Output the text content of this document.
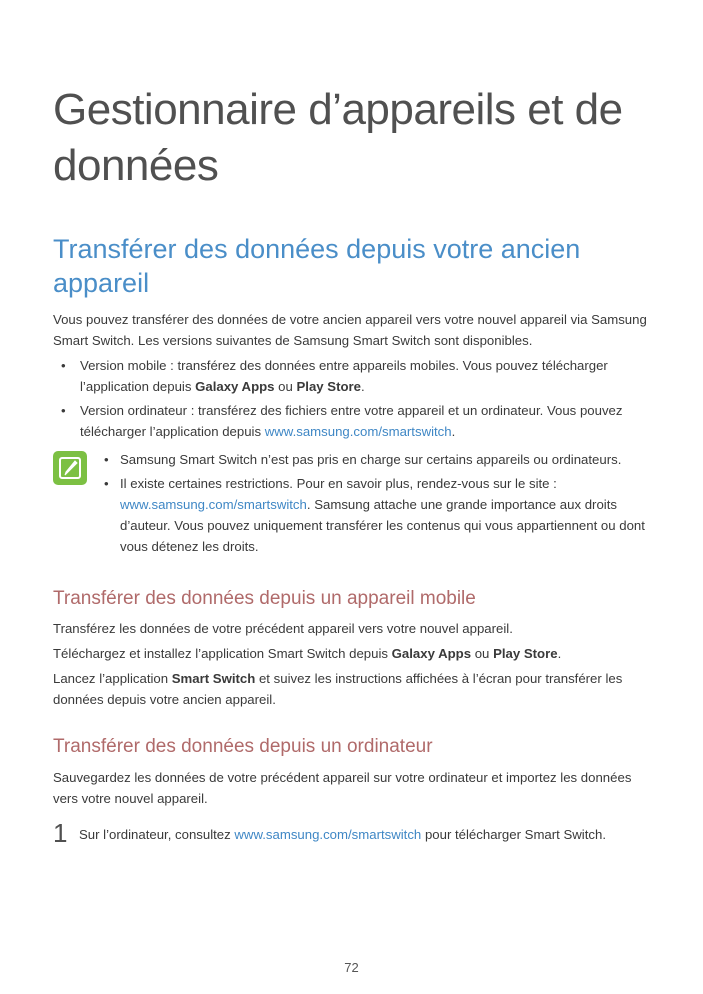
Gestionnaire d’appareils et de données
Transférer des données depuis votre ancien appareil

Vous pouvez transférer des données de votre ancien appareil vers votre nouvel appareil via Samsung Smart Switch. Les versions suivantes de Samsung Smart Switch sont disponibles.

• Version mobile : transférez des données entre appareils mobiles. Vous pouvez télécharger l’application depuis Galaxy Apps ou Play Store.
• Version ordinateur : transférez des fichiers entre votre appareil et un ordinateur. Vous pouvez télécharger l’application depuis www.samsung.com/smartswitch.
• Samsung Smart Switch n’est pas pris en charge sur certains appareils ou ordinateurs.
• Il existe certaines restrictions. Pour en savoir plus, rendez-vous sur le site : www.samsung.com/smartswitch. Samsung attache une grande importance aux droits d’auteur. Vous pouvez uniquement transférer les contenus qui vous appartiennent ou dont vous détenez les droits.
Transférer des données depuis un appareil mobile

Transférez les données de votre précédent appareil vers votre nouvel appareil.

Téléchargez et installez l’application Smart Switch depuis Galaxy Apps ou Play Store.

Lancez l’application Smart Switch et suivez les instructions affichées à l’écran pour transférer les données depuis votre ancien appareil.

Transférer des données depuis un ordinateur

Sauvegardez les données de votre précédent appareil sur votre ordinateur et importez les données vers votre nouvel appareil.

1 Sur l’ordinateur, consultez www.samsung.com/smartswitch pour télécharger Smart Switch.

72
